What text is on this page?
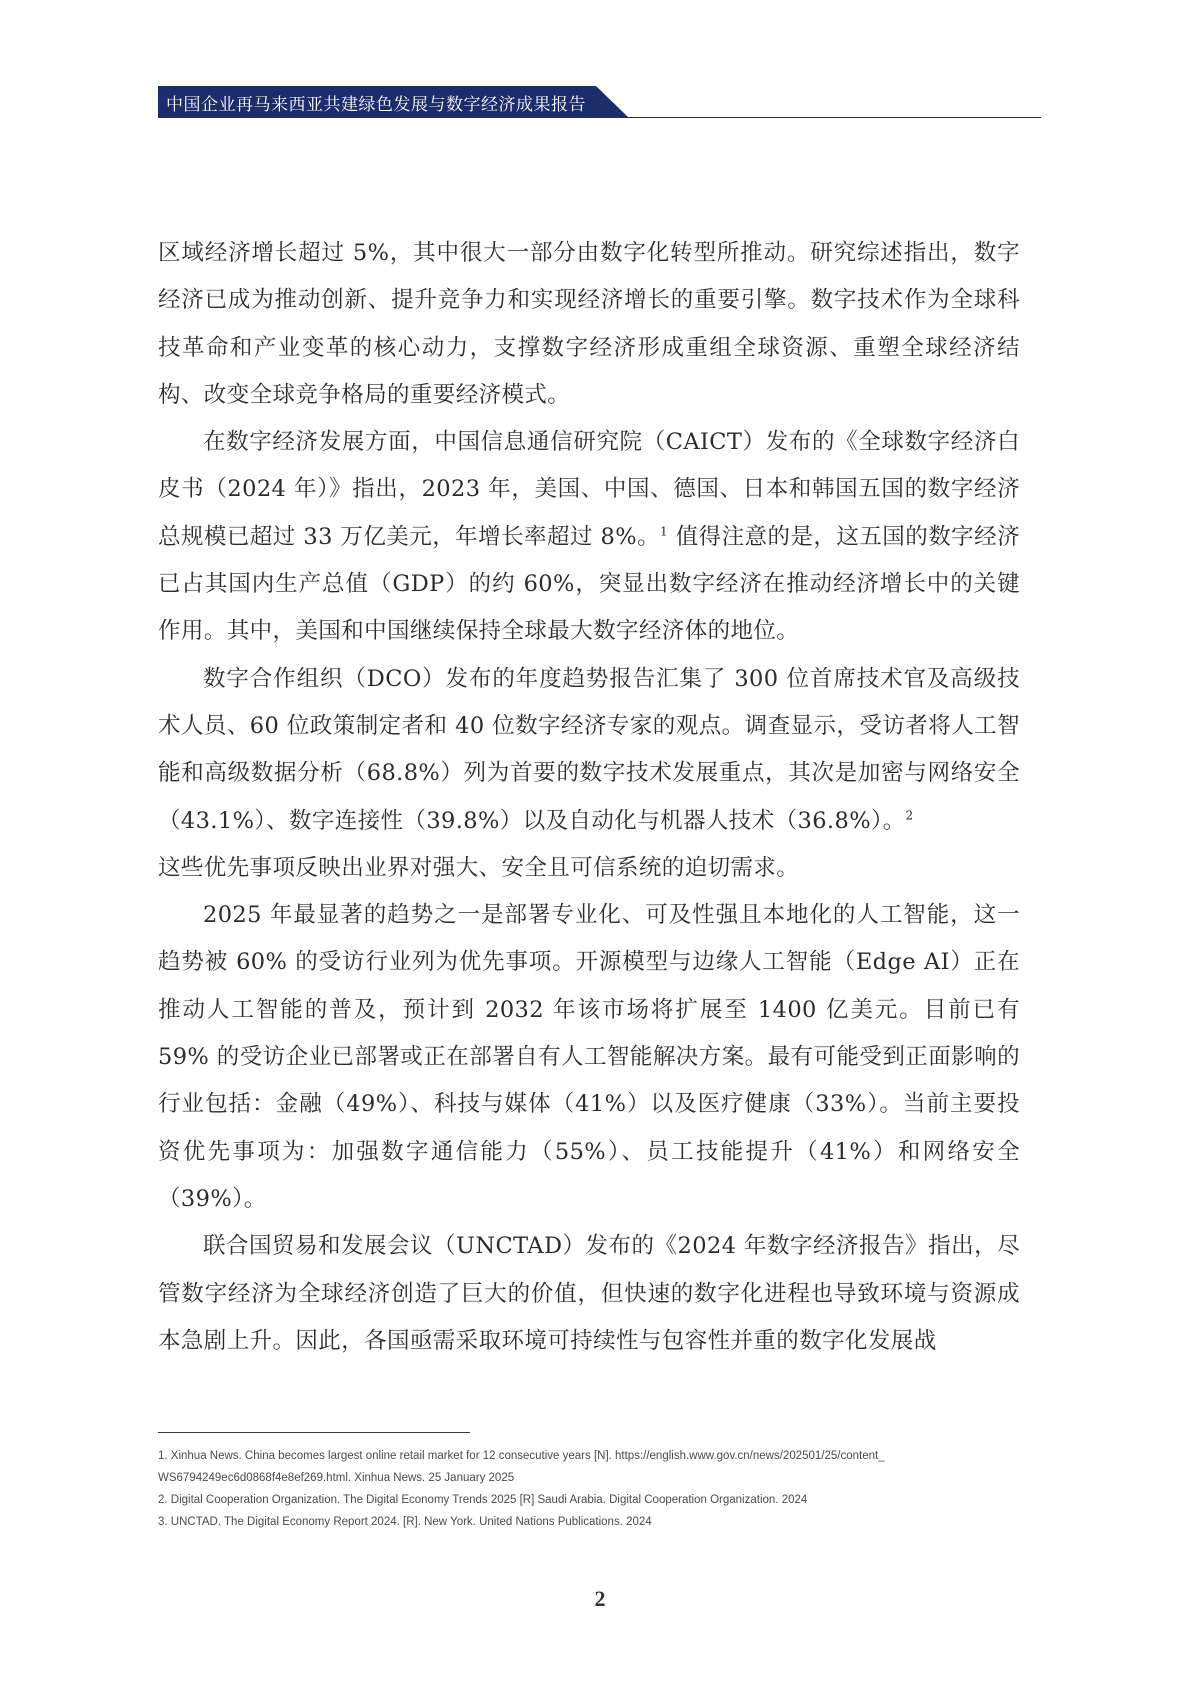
中国企业再马来西亚共建绿色发展与数字经济成果报告

区域经济增长超过 5%，其中很大一部分由数字化转型所推动。研究综述指出，数字经济已成为推动创新、提升竞争力和实现经济增长的重要引擎。数字技术作为全球科技革命和产业变革的核心动力，支撑数字经济形成重组全球资源、重塑全球经济结构、改变全球竞争格局的重要经济模式。

在数字经济发展方面，中国信息通信研究院（CAICT）发布的《全球数字经济白皮书（2024 年）》指出，2023 年，美国、中国、德国、日本和韩国五国的数字经济总规模已超过 33 万亿美元，年增长率超过 8%。$^1$ 值得注意的是，这五国的数字经济已占其国内生产总值（GDP）的约 60%，突显出数字经济在推动经济增长中的关键作用。其中，美国和中国继续保持全球最大数字经济体的地位。

数字合作组织（DCO）发布的年度趋势报告汇集了 300 位首席技术官及高级技术人员、60 位政策制定者和 40 位数字经济专家的观点。调查显示，受访者将人工智能和高级数据分析（68.8%）列为首要的数字技术发展重点，其次是加密与网络安全（43.1%）、数字连接性（39.8%）以及自动化与机器人技术（36.8%）。$^2$
这些优先事项反映出业界对强大、安全且可信系统的迫切需求。

2025 年最显著的趋势之一是部署专业化、可及性强且本地化的人工智能，这一趋势被 60% 的受访行业列为优先事项。开源模型与边缘人工智能（Edge AI）正在推动人工智能的普及，预计到 2032 年该市场将扩展至 1400 亿美元。目前已有 59% 的受访企业已部署或正在部署自有人工智能解决方案。最有可能受到正面影响的行业包括：金融（49%）、科技与媒体（41%）以及医疗健康（33%）。当前主要投资优先事项为：加强数字通信能力（55%）、员工技能提升（41%）和网络安全（39%）。

联合国贸易和发展会议（UNCTAD）发布的《2024 年数字经济报告》指出，尽管数字经济为全球经济创造了巨大的价值，但快速的数字化进程也导致环境与资源成本急剧上升。因此，各国亟需采取环境可持续性与包容性并重的数字化发展战

1. Xinhua News. China becomes largest online retail market for 12 consecutive years [N]. https://english.www.gov.cn/news/202501/25/content_

WS6794249ec6d0868f4e8ef269.html. Xinhua News. 25 January 2025

2. Digital Cooperation Organization. The Digital Economy Trends 2025 [R] Saudi Arabia. Digital Cooperation Organization. 2024

3. UNCTAD. The Digital Economy Report 2024. [R]. New York. United Nations Publications. 2024

2
